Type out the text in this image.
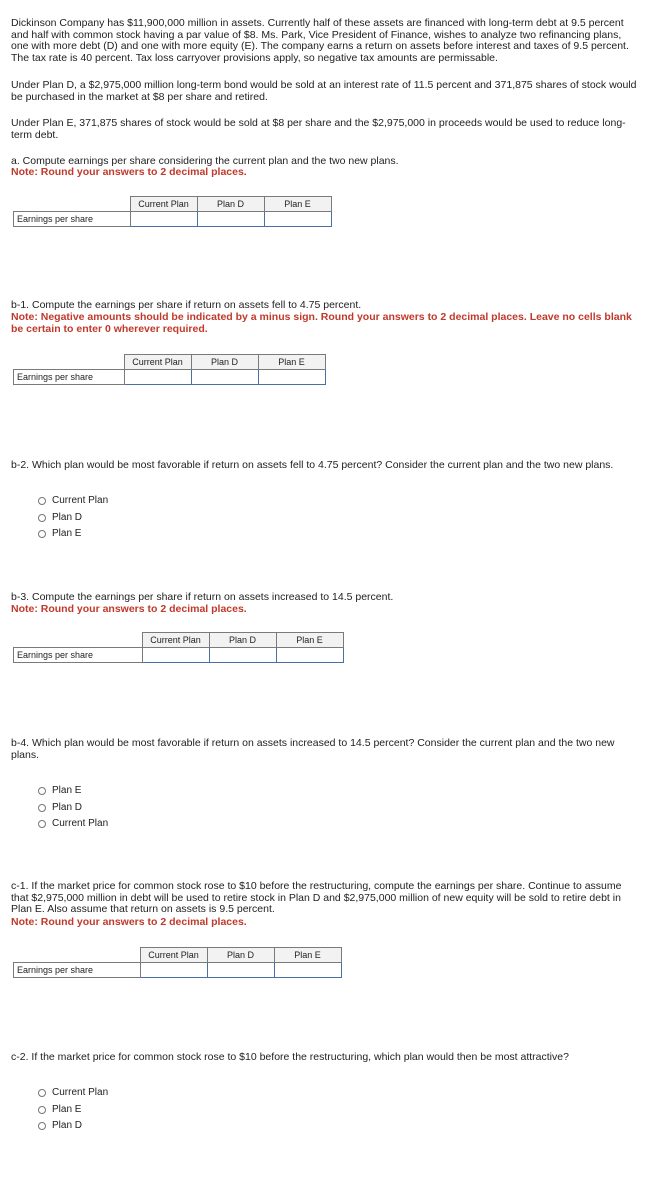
Dickinson Company has $11,900,000 million in assets. Currently half of these assets are financed with long-term debt at 9.5 percent and half with common stock having a par value of $8. Ms. Park, Vice President of Finance, wishes to analyze two refinancing plans, one with more debt (D) and one with more equity (E). The company earns a return on assets before interest and taxes of 9.5 percent. The tax rate is 40 percent. Tax loss carryover provisions apply, so negative tax amounts are permissable.

Under Plan D, a $2,975,000 million long-term bond would be sold at an interest rate of 11.5 percent and 371,875 shares of stock would be purchased in the market at $8 per share and retired.

Under Plan E, 371,875 shares of stock would be sold at $8 per share and the $2,975,000 in proceeds would be used to reduce long-term debt.

a. Compute earnings per share considering the current plan and the two new plans.

Note: Round your answers to 2 decimal places.

	Current Plan	Plan D	Plan E
Earnings per share			

b-1. Compute the earnings per share if return on assets fell to 4.75 percent.

Note: Negative amounts should be indicated by a minus sign. Round your answers to 2 decimal places. Leave no cells blank be certain to enter 0 wherever required.

	Current Plan	Plan D	Plan E
Earnings per share			

b-2. Which plan would be most favorable if return on assets fell to 4.75 percent? Consider the current plan and the two new plans.

Current Plan
Plan D
Plan E

b-3. Compute the earnings per share if return on assets increased to 14.5 percent.

Note: Round your answers to 2 decimal places.

	Current Plan	Plan D	Plan E
Earnings per share			

b-4. Which plan would be most favorable if return on assets increased to 14.5 percent? Consider the current plan and the two new plans.

Plan E
Plan D
Current Plan

c-1. If the market price for common stock rose to $10 before the restructuring, compute the earnings per share. Continue to assume that $2,975,000 million in debt will be used to retire stock in Plan D and $2,975,000 million of new equity will be sold to retire debt in Plan E. Also assume that return on assets is 9.5 percent.

Note: Round your answers to 2 decimal places.

	Current Plan	Plan D	Plan E
Earnings per share			

c-2. If the market price for common stock rose to $10 before the restructuring, which plan would then be most attractive?

Current Plan
Plan E
Plan D
